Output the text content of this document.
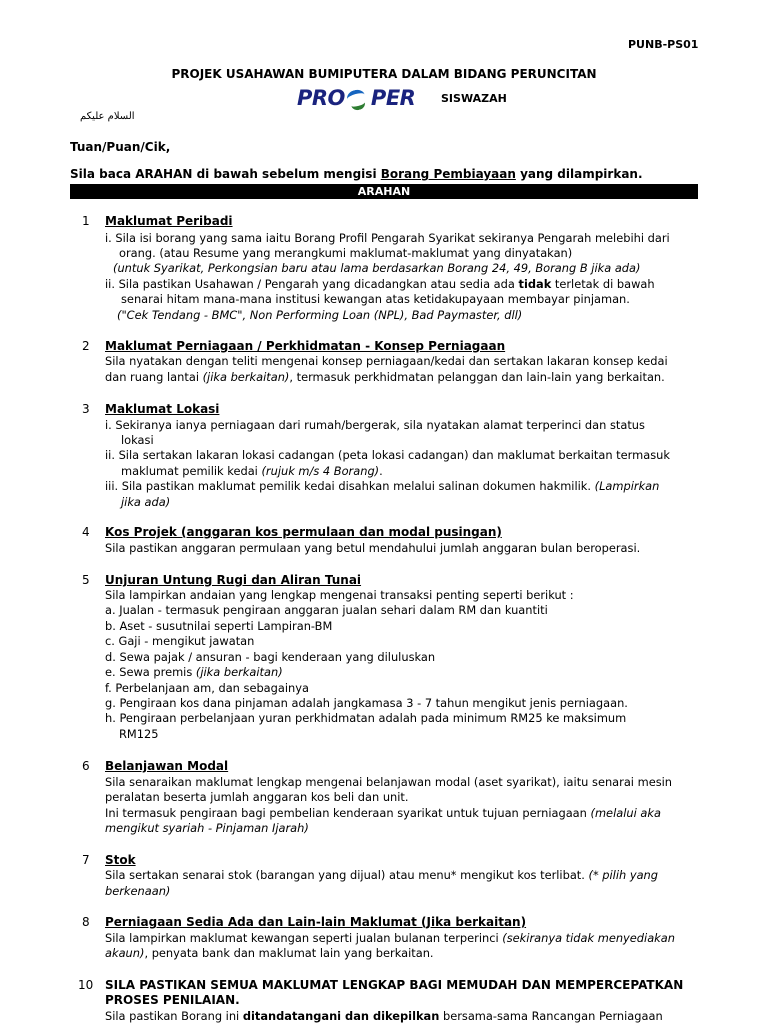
PUNB-PS01
PROJEK USAHAWAN BUMIPUTERA DALAM BIDANG PERUNCITAN
PRO PER SISWAZAH
السلام عليكم
Tuan/Puan/Cik,
Sila baca ARAHAN di bawah sebelum mengisi Borang Pembiayaan yang dilampirkan.
ARAHAN
1 Maklumat Peribadi
i. Sila isi borang yang sama iaitu Borang Profil Pengarah Syarikat sekiranya Pengarah melebihi dari
orang. (atau Resume yang merangkumi maklumat-maklumat yang dinyatakan)
(untuk Syarikat, Perkongsian baru atau lama berdasarkan Borang 24, 49, Borang B jika ada)
ii. Sila pastikan Usahawan / Pengarah yang dicadangkan atau sedia ada tidak terletak di bawah
senarai hitam mana-mana institusi kewangan atas ketidakupayaan membayar pinjaman.
("Cek Tendang - BMC", Non Performing Loan (NPL), Bad Paymaster, dll)
2 Maklumat Perniagaan / Perkhidmatan - Konsep Perniagaan
Sila nyatakan dengan teliti mengenai konsep perniagaan/kedai dan sertakan lakaran konsep kedai
dan ruang lantai (jika berkaitan), termasuk perkhidmatan pelanggan dan lain-lain yang berkaitan.
3 Maklumat Lokasi
i. Sekiranya ianya perniagaan dari rumah/bergerak, sila nyatakan alamat terperinci dan status
lokasi
ii. Sila sertakan lakaran lokasi cadangan (peta lokasi cadangan) dan maklumat berkaitan termasuk
maklumat pemilik kedai (rujuk m/s 4 Borang).
iii. Sila pastikan maklumat pemilik kedai disahkan melalui salinan dokumen hakmilik. (Lampirkan
jika ada)
4 Kos Projek (anggaran kos permulaan dan modal pusingan)
Sila pastikan anggaran permulaan yang betul mendahului jumlah anggaran bulan beroperasi.
5 Unjuran Untung Rugi dan Aliran Tunai
Sila lampirkan andaian yang lengkap mengenai transaksi penting seperti berikut :
a. Jualan - termasuk pengiraan anggaran jualan sehari dalam RM dan kuantiti
b. Aset - susutnilai seperti Lampiran-BM
c. Gaji - mengikut jawatan
d. Sewa pajak / ansuran - bagi kenderaan yang diluluskan
e. Sewa premis (jika berkaitan)
f. Perbelanjaan am, dan sebagainya
g. Pengiraan kos dana pinjaman adalah jangkamasa 3 - 7 tahun mengikut jenis perniagaan.
h. Pengiraan perbelanjaan yuran perkhidmatan adalah pada minimum RM25 ke maksimum
RM125
6 Belanjawan Modal
Sila senaraikan maklumat lengkap mengenai belanjawan modal (aset syarikat), iaitu senarai mesin
peralatan beserta jumlah anggaran kos beli dan unit.
Ini termasuk pengiraan bagi pembelian kenderaan syarikat untuk tujuan perniagaan (melalui aka
mengikut syariah - Pinjaman Ijarah)
7 Stok
Sila sertakan senarai stok (barangan yang dijual) atau menu* mengikut kos terlibat. (* pilih yang
berkenaan)
8 Perniagaan Sedia Ada dan Lain-lain Maklumat (Jika berkaitan)
Sila lampirkan maklumat kewangan seperti jualan bulanan terperinci (sekiranya tidak menyediakan
akaun), penyata bank dan maklumat lain yang berkaitan.
10 SILA PASTIKAN SEMUA MAKLUMAT LENGKAP BAGI MEMUDAH DAN MEMPERCEPATKAN
PROSES PENILAIAN.
Sila pastikan Borang ini ditandatangani dan dikepilkan bersama-sama Rancangan Perniagaan
